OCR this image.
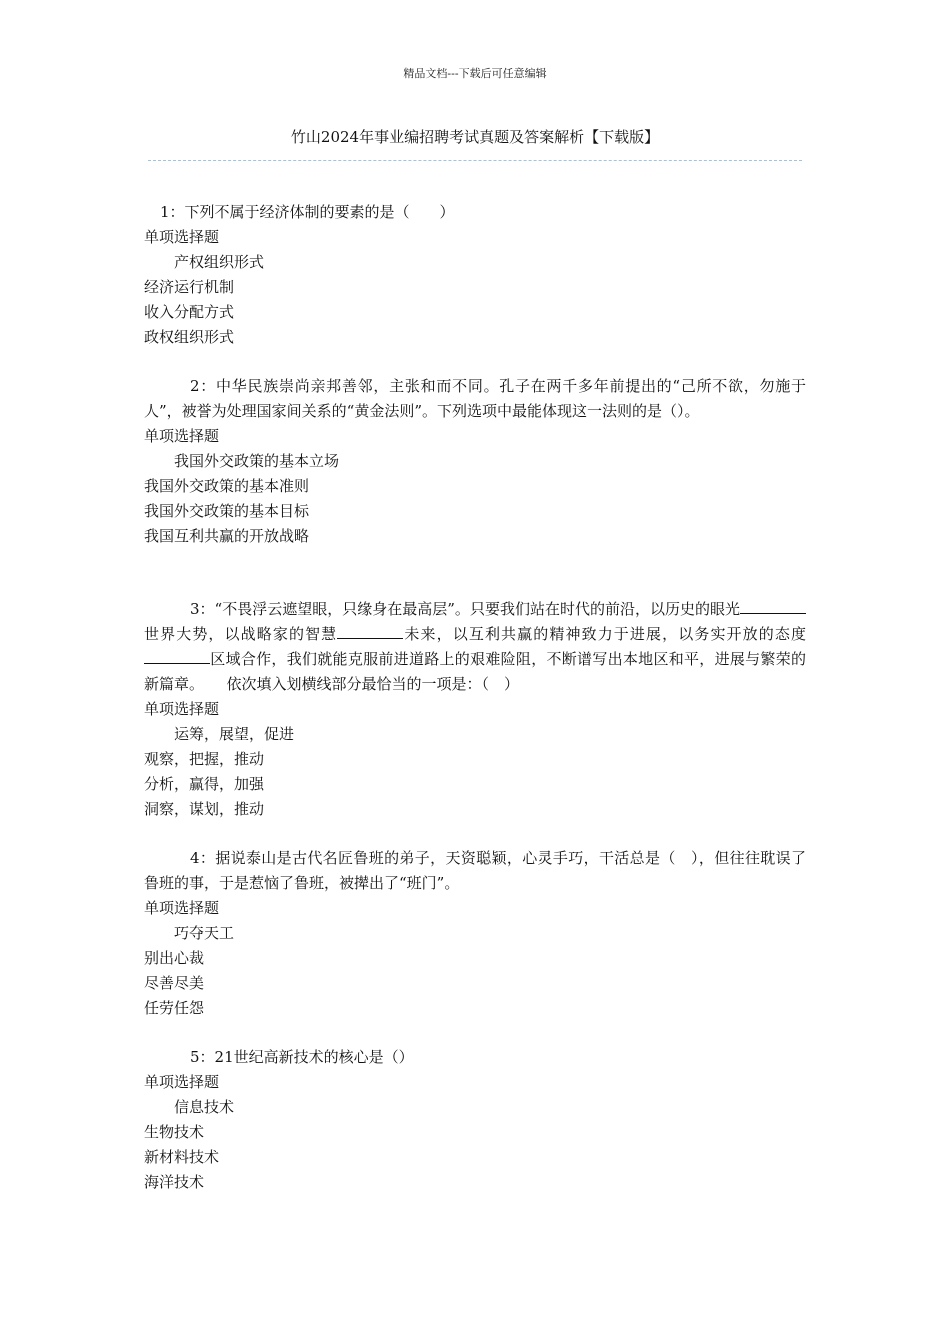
精品文档---下载后可任意编辑
竹山2024年事业编招聘考试真题及答案解析【下载版】

1：下列不属于经济体制的要素的是（　　）

单项选择题

产权组织形式

经济运行机制

收入分配方式

政权组织形式

2：中华民族崇尚亲邦善邻，主张和而不同。孔子在两千多年前提出的“己所不欲，勿施于人”，被誉为处理国家间关系的“黄金法则”。下列选项中最能体现这一法则的是（）。

单项选择题

我国外交政策的基本立场

我国外交政策的基本准则

我国外交政策的基本目标

我国互利共赢的开放战略

3：“不畏浮云遮望眼，只缘身在最高层”。只要我们站在时代的前沿，以历史的眼光世界大势，以战略家的智慧	未来，以互利共赢的精神致力于进展，以务实开放的态度区域合作，我们就能克服前进道路上的艰难险阻，不断谱写出本地区和平，进展与繁荣的新篇章。　　依次填入划横线部分最恰当的一项是：（　）

单项选择题

运筹，展望，促进

观察，把握，推动

分析，赢得，加强

洞察，谋划，推动

4：据说泰山是古代名匠鲁班的弟子，天资聪颖，心灵手巧，干活总是（　），但往往耽误了鲁班的事，于是惹恼了鲁班，被撵出了“班门”。

单项选择题

巧夺天工

别出心裁

尽善尽美

任劳任怨

5：21世纪高新技术的核心是（）

单项选择题

信息技术

生物技术

新材料技术

海洋技术
